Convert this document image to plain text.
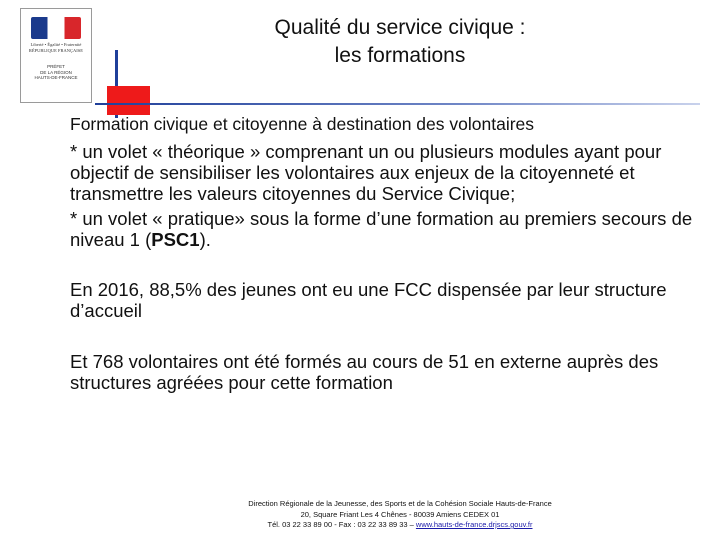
Liberté • Égalité • Fraternité
RÉPUBLIQUE FRANÇAISE
PRÉFET
DE LA RÉGION
HAUTS-DE-FRANCE
Qualité du service civique :
les formations

Formation civique et citoyenne à destination des volontaires

* un volet « théorique » comprenant un ou plusieurs modules ayant pour objectif de sensibiliser les volontaires aux enjeux de la citoyenneté et transmettre les valeurs citoyennes du Service Civique;

* un volet « pratique» sous la forme d’une formation au premiers secours de niveau 1 (PSC1).

En 2016, 88,5% des jeunes ont eu une FCC dispensée par leur structure d’accueil

Et 768 volontaires ont été formés au cours de 51 en externe auprès des structures agréées pour cette formation

Direction Régionale de la Jeunesse, des Sports et de la Cohésion Sociale Hauts-de-France
20, Square Friant Les 4 Chênes - 80039 Amiens CEDEX 01
Tél. 03 22 33 89 00 - Fax : 03 22 33 89 33 – www.hauts-de-france.drjscs.gouv.fr
